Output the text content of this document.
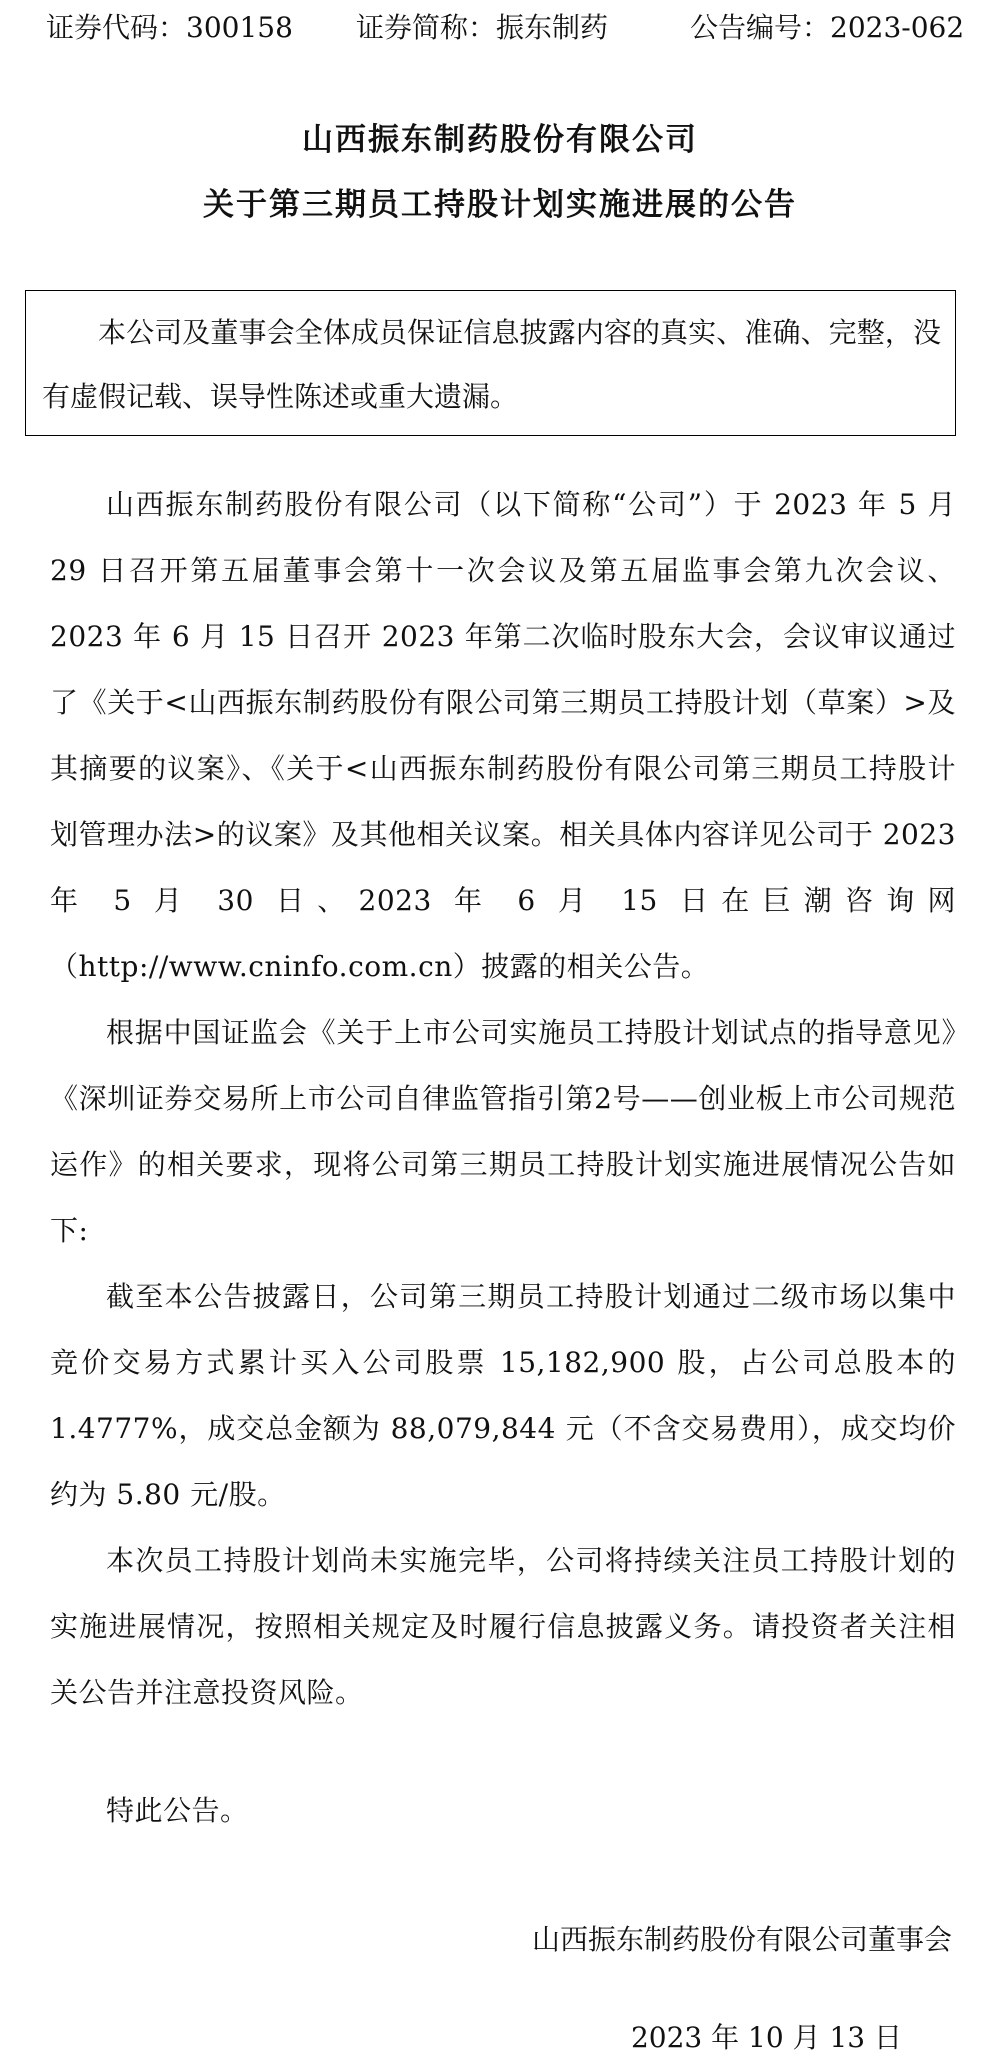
证券代码：300158 证券简称：振东制药	公告编号：2023-062
山西振东制药股份有限公司
关于第三期员工持股计划实施进展的公告

本公司及董事会全体成员保证信息披露内容的真实、准确、完整，没有虚假记载、误导性陈述或重大遗漏。

山西振东制药股份有限公司（以下简称“公司”）于 2023 年 5 月 29 日召开第五届董事会第十一次会议及第五届监事会第九次会议、2023 年 6 月 15 日召开 2023 年第二次临时股东大会，会议审议通过了《关于<山西振东制药股份有限公司第三期员工持股计划（草案）>及其摘要的议案》、《关于<山西振东制药股份有限公司第三期员工持股计划管理办法>的议案》及其他相关议案。相关具体内容详见公司于 2023 年 5 月 30 日、2023 年 6 月 15 日在巨潮咨询网（http://www.cninfo.com.cn）披露的相关公告。

根据中国证监会《关于上市公司实施员工持股计划试点的指导意见》《深圳证券交易所上市公司自律监管指引第2号——创业板上市公司规范运作》的相关要求，现将公司第三期员工持股计划实施进展情况公告如下:

截至本公告披露日，公司第三期员工持股计划通过二级市场以集中竞价交易方式累计买入公司股票 15,182,900 股，占公司总股本的 1.4777%，成交总金额为 88,079,844 元（不含交易费用），成交均价约为 5.80 元/股。

本次员工持股计划尚未实施完毕，公司将持续关注员工持股计划的实施进展情况，按照相关规定及时履行信息披露义务。请投资者关注相关公告并注意投资风险。

特此公告。

山西振东制药股份有限公司董事会
2023 年 10 月 13 日
